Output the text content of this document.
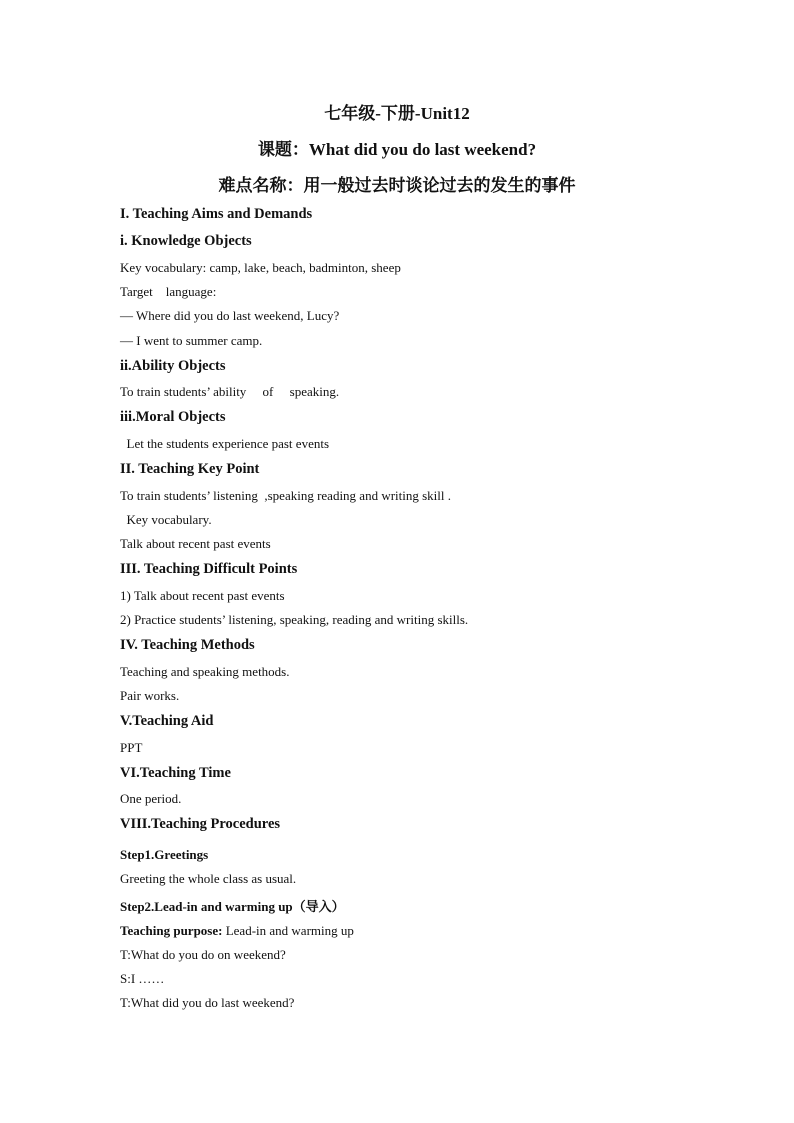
七年级-下册-Unit12
课题：What did you do last weekend?
难点名称：用一般过去时谈论过去的发生的事件
I. Teaching Aims and Demands
i. Knowledge Objects
Key vocabulary: camp, lake, beach, badminton, sheep
Target    language:
— Where did you do last weekend, Lucy?
— I went to summer camp.
ii.Ability Objects
To train students’ ability     of     speaking.
iii.Moral Objects
Let the students experience past events
II. Teaching Key Point
To train students’ listening  ,speaking reading and writing skill .
Key vocabulary.
Talk about recent past events
III. Teaching Difficult Points
1) Talk about recent past events
2) Practice students’ listening, speaking, reading and writing skills.
IV. Teaching Methods
Teaching and speaking methods.
Pair works.
V.Teaching Aid
PPT
VI.Teaching Time
One period.
VIII.Teaching Procedures
Step1.Greetings
Greeting the whole class as usual.
Step2.Lead-in and warming up（导入）
Teaching purpose: Lead-in and warming up
T:What do you do on weekend?
S:I ……
T:What did you do last weekend?
